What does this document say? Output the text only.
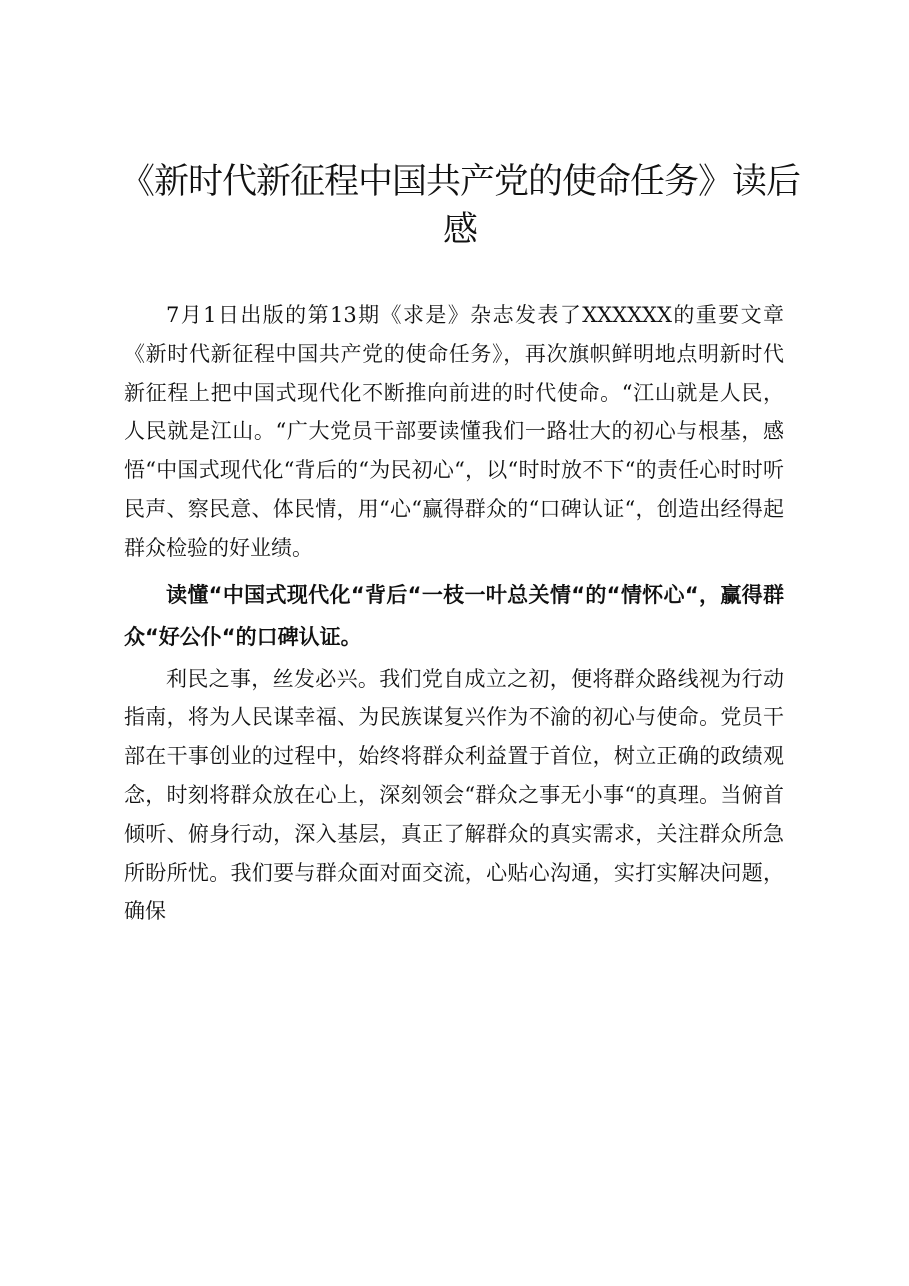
《新时代新征程中国共产党的使命任务》读后感

7月1日出版的第13期《求是》杂志发表了XXXXXX的重要文章《新时代新征程中国共产党的使命任务》，再次旗帜鲜明地点明新时代新征程上把中国式现代化不断推向前进的时代使命。“江山就是人民，人民就是江山。“广大党员干部要读懂我们一路壮大的初心与根基，感悟“中国式现代化“背后的“为民初心“，以“时时放不下“的责任心时时听民声、察民意、体民情，用“心“赢得群众的“口碑认证“，创造出经得起群众检验的好业绩。

读懂“中国式现代化“背后“一枝一叶总关情“的“情怀心“，赢得群众“好公仆“的口碑认证。

利民之事，丝发必兴。我们党自成立之初，便将群众路线视为行动指南，将为人民谋幸福、为民族谋复兴作为不渝的初心与使命。党员干部在干事创业的过程中，始终将群众利益置于首位，树立正确的政绩观念，时刻将群众放在心上，深刻领会“群众之事无小事“的真理。当俯首倾听、俯身行动，深入基层，真正了解群众的真实需求，关注群众所急所盼所忧。我们要与群众面对面交流，心贴心沟通，实打实解决问题，确保
